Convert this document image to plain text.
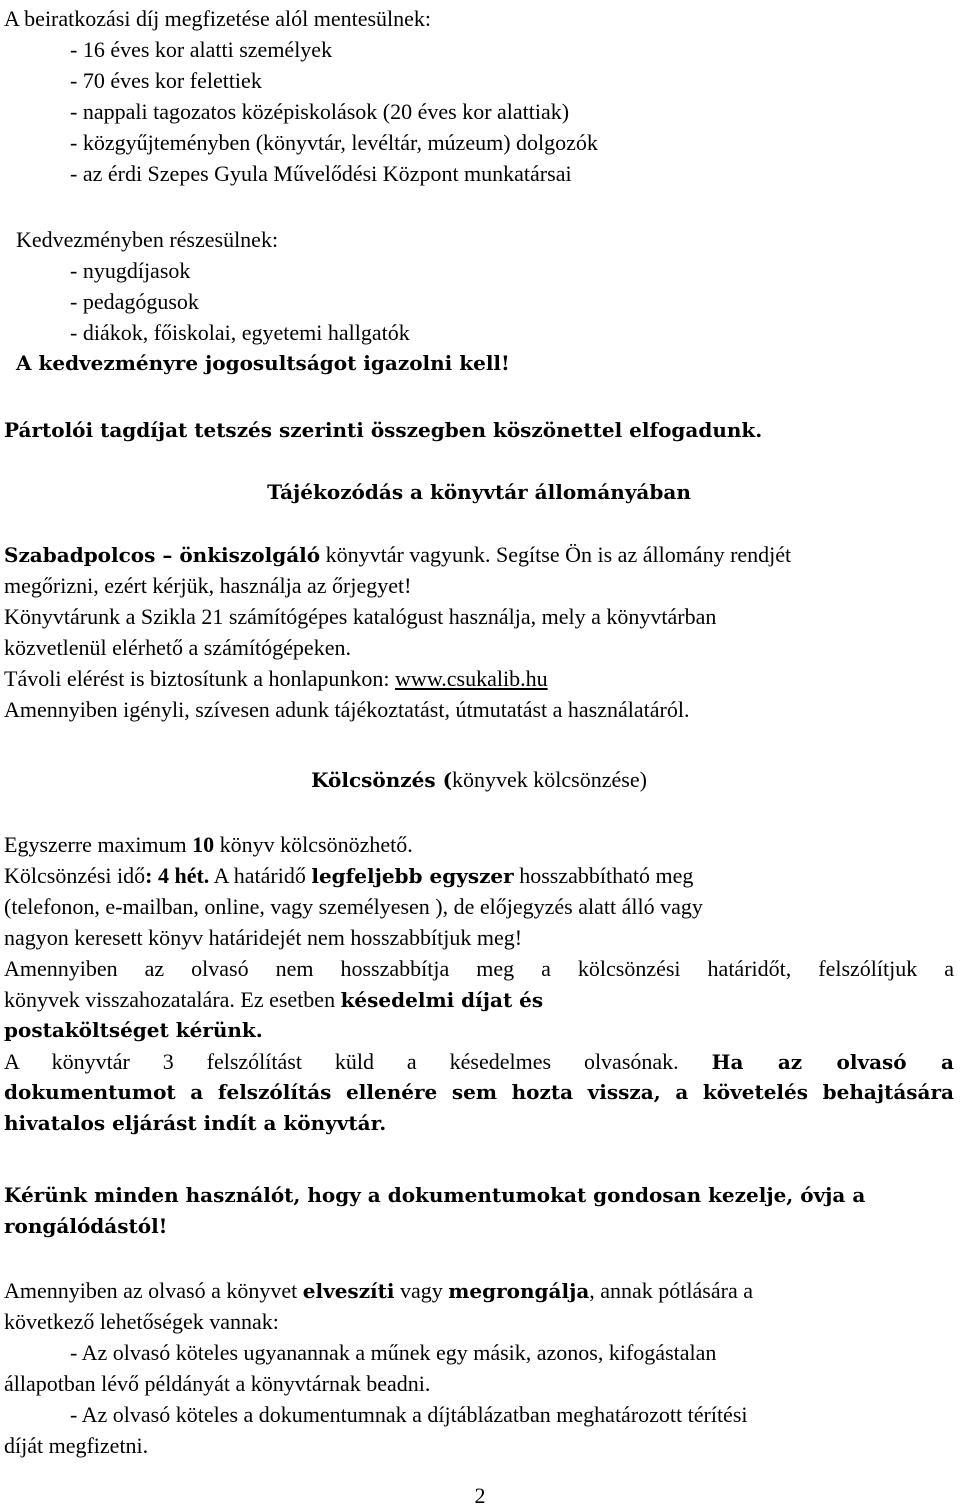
A beiratkozási díj megfizetése alól mentesülnek:
- 16 éves kor alatti személyek
- 70 éves kor felettiek
- nappali tagozatos középiskolások (20 éves kor alattiak)
- közgyűjteményben (könyvtár, levéltár, múzeum) dolgozók
- az érdi Szepes Gyula Művelődési Központ munkatársai
Kedvezményben részesülnek:
- nyugdíjasok
- pedagógusok
- diákok, főiskolai, egyetemi hallgatók
A kedvezményre jogosultságot igazolni kell!
Pártolói tagdíjat tetszés szerinti összegben köszönettel elfogadunk.
Tájékozódás a könyvtár állományában
Szabadpolcos – önkiszolgáló könyvtár vagyunk. Segítse Ön is az állomány rendjét
megőrizni, ezért kérjük, használja az őrjegyet!
Könyvtárunk a Szikla 21 számítógépes katalógust használja, mely a könyvtárban
közvetlenül elérhető a számítógépeken.
Távoli elérést is biztosítunk a honlapunkon: www.csukalib.hu
Amennyiben igényli, szívesen adunk tájékoztatást, útmutatást a használatáról.
Kölcsönzés (könyvek kölcsönzése)
Egyszerre maximum 10 könyv kölcsönözhető.
Kölcsönzési idő: 4 hét. A határidő legfeljebb egyszer hosszabbítható meg
(telefonon, e-mailban, online, vagy személyesen ), de előjegyzés alatt álló vagy
nagyon keresett könyv határidejét nem hosszabbítjuk meg!
Amennyiben az olvasó nem hosszabbítja meg a kölcsönzési határidőt, felszólítjuk a
könyvek visszahozatalára. Ez esetben késedelmi díjat és
postaköltséget kérünk.
A könyvtár 3 felszólítást küld a késedelmes olvasónak. Ha az olvasó a
dokumentumot a felszólítás ellenére sem hozta vissza, a követelés behajtására
hivatalos eljárást indít a könyvtár.
Kérünk minden használót, hogy a dokumentumokat gondosan kezelje, óvja a
rongálódástól!
Amennyiben az olvasó a könyvet elveszíti vagy megrongálja, annak pótlására a
következő lehetőségek vannak:
- Az olvasó köteles ugyanannak a műnek egy másik, azonos, kifogástalan
állapotban lévő példányát a könyvtárnak beadni.
- Az olvasó köteles a dokumentumnak a díjtáblázatban meghatározott térítési
díját megfizetni.
2
